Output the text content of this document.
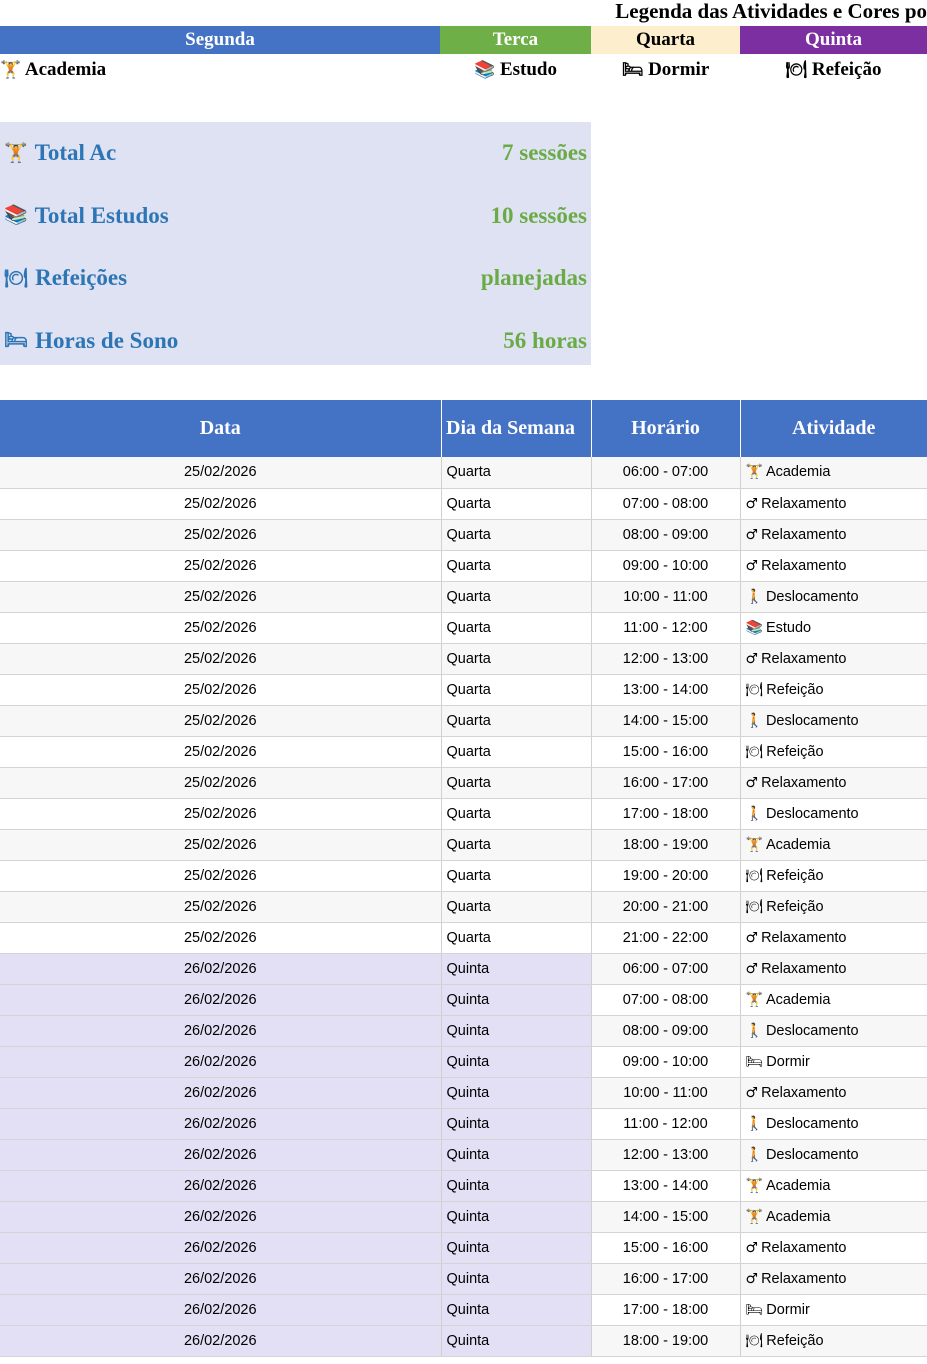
Legenda das Atividades e Cores po
Segunda	Terca	Quarta	Quinta
🏋 Academia	📚 Estudo	🛏 Dormir	🍽 Refeição
🏋 Total Ac	7 sessões
📚 Total Estudos	10 sessões
🍽 Refeições	planejadas
🛏 Horas de Sono	56 horas
Data	Dia da Semana	Horário	Atividade
25/02/2026	Quarta	06:00 - 07:00	🏋 Academia
25/02/2026	Quarta	07:00 - 08:00	♂ Relaxamento
25/02/2026	Quarta	08:00 - 09:00	♂ Relaxamento
25/02/2026	Quarta	09:00 - 10:00	♂ Relaxamento
25/02/2026	Quarta	10:00 - 11:00	🚶 Deslocamento
25/02/2026	Quarta	11:00 - 12:00	📚 Estudo
25/02/2026	Quarta	12:00 - 13:00	♂ Relaxamento
25/02/2026	Quarta	13:00 - 14:00	🍽 Refeição
25/02/2026	Quarta	14:00 - 15:00	🚶 Deslocamento
25/02/2026	Quarta	15:00 - 16:00	🍽 Refeição
25/02/2026	Quarta	16:00 - 17:00	♂ Relaxamento
25/02/2026	Quarta	17:00 - 18:00	🚶 Deslocamento
25/02/2026	Quarta	18:00 - 19:00	🏋 Academia
25/02/2026	Quarta	19:00 - 20:00	🍽 Refeição
25/02/2026	Quarta	20:00 - 21:00	🍽 Refeição
25/02/2026	Quarta	21:00 - 22:00	♂ Relaxamento
26/02/2026	Quinta	06:00 - 07:00	♂ Relaxamento
26/02/2026	Quinta	07:00 - 08:00	🏋 Academia
26/02/2026	Quinta	08:00 - 09:00	🚶 Deslocamento
26/02/2026	Quinta	09:00 - 10:00	🛏 Dormir
26/02/2026	Quinta	10:00 - 11:00	♂ Relaxamento
26/02/2026	Quinta	11:00 - 12:00	🚶 Deslocamento
26/02/2026	Quinta	12:00 - 13:00	🚶 Deslocamento
26/02/2026	Quinta	13:00 - 14:00	🏋 Academia
26/02/2026	Quinta	14:00 - 15:00	🏋 Academia
26/02/2026	Quinta	15:00 - 16:00	♂ Relaxamento
26/02/2026	Quinta	16:00 - 17:00	♂ Relaxamento
26/02/2026	Quinta	17:00 - 18:00	🛏 Dormir
26/02/2026	Quinta	18:00 - 19:00	🍽 Refeição
